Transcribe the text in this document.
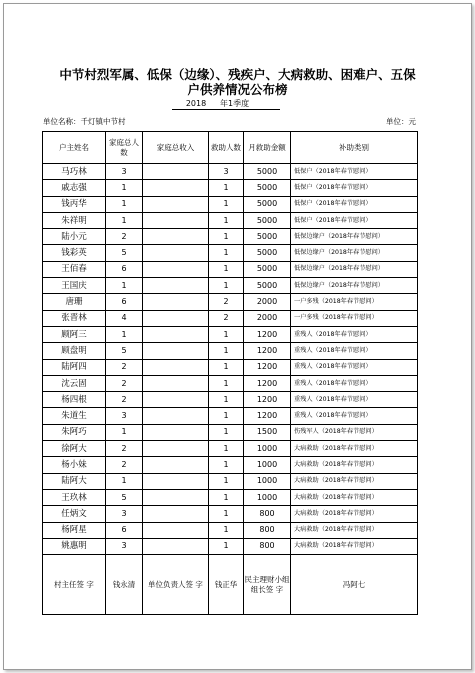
中节村烈军属、低保（边缘）、残疾户、大病救助、困难户、五保
户供养情况公布榜
2018 年1季度
单位名称：千灯镇中节村	单位：元
户主姓名	家庭总人数	家庭总收入	救助人数	月救助金额	补助类别
马巧林	3		3	5000	低保户（2018年春节慰问）
戚志强	1		1	5000	低保户（2018年春节慰问）
钱丙华	1		1	5000	低保户（2018年春节慰问）
朱祥明	1		1	5000	低保户（2018年春节慰问）
陆小元	2		1	5000	低保边缘户（2018年春节慰问）
钱彩英	5		1	5000	低保边缘户（2018年春节慰问）
王佰春	6		1	5000	低保边缘户（2018年春节慰问）
王国庆	1		1	5000	低保边缘户（2018年春节慰问）
唐珊	6		2	2000	一户多残（2018年春节慰问）
张晋林	4		2	2000	一户多残（2018年春节慰问）
顾阿三	1		1	1200	重残人（2018年春节慰问）
顾盘明	5		1	1200	重残人（2018年春节慰问）
陆阿四	2		1	1200	重残人（2018年春节慰问）
沈云固	2		1	1200	重残人（2018年春节慰问）
杨四根	2		1	1200	重残人（2018年春节慰问）
朱道生	3		1	1200	重残人（2018年春节慰问）
朱阿巧	1		1	1500	伤残军人（2018年春节慰问）
徐阿大	2		1	1000	大病救助（2018年春节慰问）
杨小妹	2		1	1000	大病救助（2018年春节慰问）
陆阿大	1		1	1000	大病救助（2018年春节慰问）
王玖林	5		1	1000	大病救助（2018年春节慰问）
任炳文	3		1	800	大病救助（2018年春节慰问）
杨阿星	6		1	800	大病救助（2018年春节慰问）
姚惠明	3		1	800	大病救助（2018年春节慰问）
村主任签 字	钱永清	单位负责人签 字	钱正华	民主理财小组组长签 字	冯阿七
